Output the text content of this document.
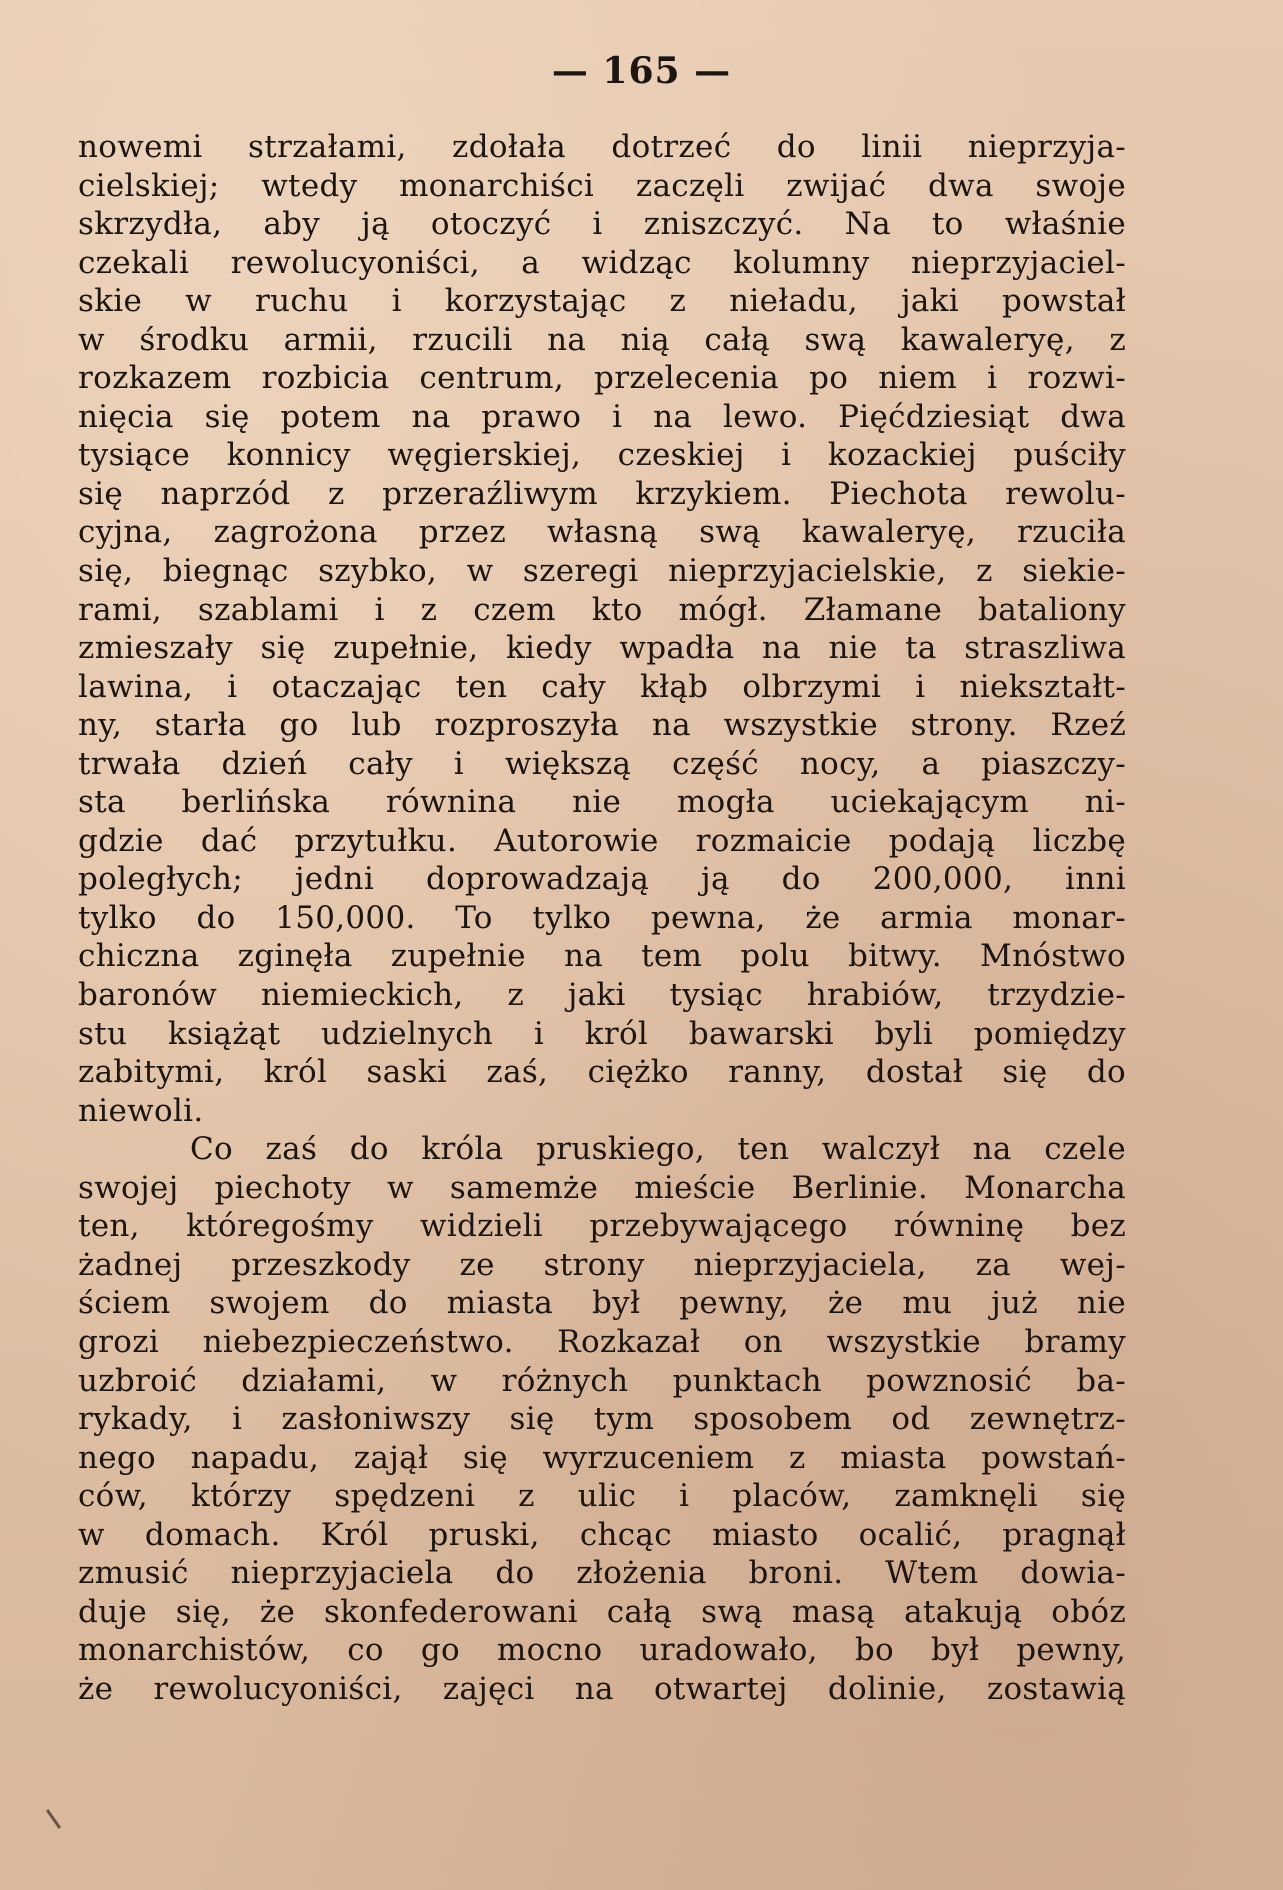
— 165 —
nowemi strzałami, zdołała dotrzeć do linii nieprzyja-
cielskiej; wtedy monarchiści zaczęli zwijać dwa swoje
skrzydła, aby ją otoczyć i zniszczyć. Na to właśnie
czekali rewolucyoniści, a widząc kolumny nieprzyjaciel-
skie w ruchu i korzystając z nieładu, jaki powstał
w środku armii, rzucili na nią całą swą kawaleryę, z
rozkazem rozbicia centrum, przelecenia po niem i rozwi-
nięcia się potem na prawo i na lewo. Pięćdziesiąt dwa
tysiące konnicy węgierskiej, czeskiej i kozackiej puściły
się naprzód z przeraźliwym krzykiem. Piechota rewolu-
cyjna, zagrożona przez własną swą kawaleryę, rzuciła
się, biegnąc szybko, w szeregi nieprzyjacielskie, z siekie-
rami, szablami i z czem kto mógł. Złamane bataliony
zmieszały się zupełnie, kiedy wpadła na nie ta straszliwa
lawina, i otaczając ten cały kłąb olbrzymi i niekształt-
ny, starła go lub rozproszyła na wszystkie strony. Rzeź
trwała dzień cały i większą część nocy, a piaszczy-
sta berlińska równina nie mogła uciekającym ni-
gdzie dać przytułku. Autorowie rozmaicie podają liczbę
poległych; jedni doprowadzają ją do 200,000, inni
tylko do 150,000. To tylko pewna, że armia monar-
chiczna zginęła zupełnie na tem polu bitwy. Mnóstwo
baronów niemieckich, z jaki tysiąc hrabiów, trzydzie-
stu książąt udzielnych i król bawarski byli pomiędzy
zabitymi, król saski zaś, ciężko ranny, dostał się do
niewoli.
Co zaś do króla pruskiego, ten walczył na czele
swojej piechoty w samemże mieście Berlinie. Monarcha
ten, któregośmy widzieli przebywającego równinę bez
żadnej przeszkody ze strony nieprzyjaciela, za wej-
ściem swojem do miasta był pewny, że mu już nie
grozi niebezpieczeństwo. Rozkazał on wszystkie bramy
uzbroić działami, w różnych punktach powznosić ba-
rykady, i zasłoniwszy się tym sposobem od zewnętrz-
nego napadu, zajął się wyrzuceniem z miasta powstań-
ców, którzy spędzeni z ulic i placów, zamknęli się
w domach. Król pruski, chcąc miasto ocalić, pragnął
zmusić nieprzyjaciela do złożenia broni. Wtem dowia-
duje się, że skonfederowani całą swą masą atakują obóz
monarchistów, co go mocno uradowało, bo był pewny,
że rewolucyoniści, zajęci na otwartej dolinie, zostawią
